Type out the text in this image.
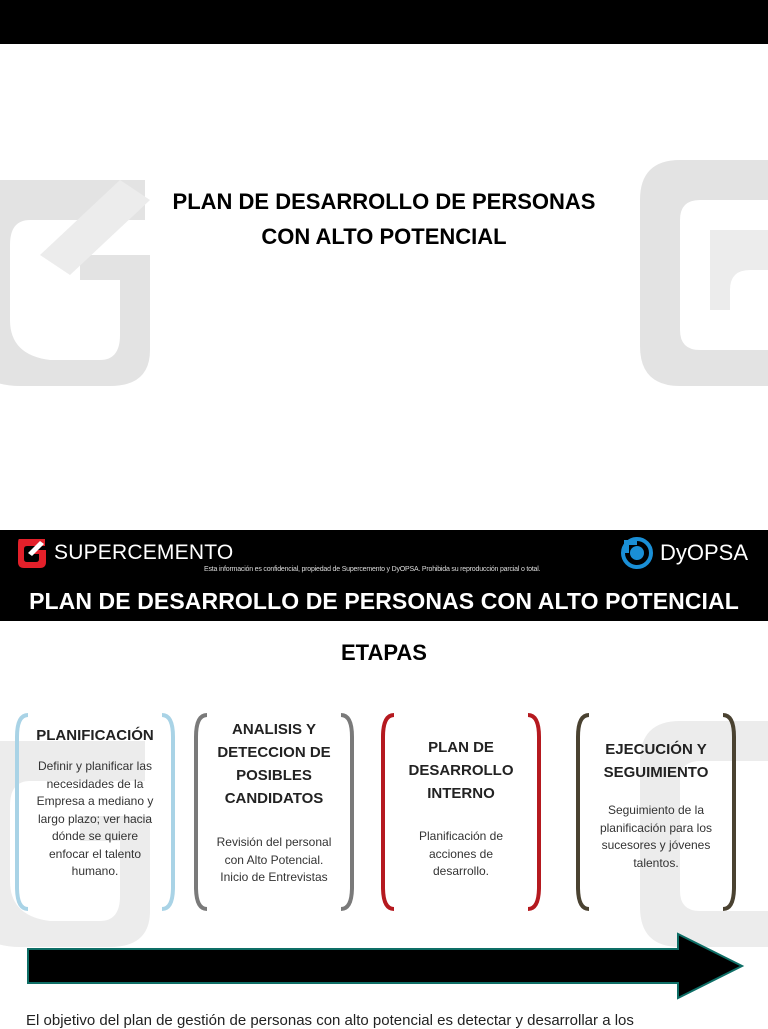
PLAN DE DESARROLLO DE PERSONAS
CON ALTO POTENCIAL
SUPERCEMENTO
Esta información es confidencial, propiedad de Supercemento y DyOPSA. Prohibida su reproducción parcial o total.
DyOPSA
PLAN DE DESARROLLO DE PERSONAS CON ALTO POTENCIAL
ETAPAS
PLANIFICACIÓN
Definir y planificar las necesidades de la Empresa a mediano y largo plazo; ver hacia dónde se quiere enfocar el talento humano.
ANALISIS Y DETECCION DE POSIBLES CANDIDATOS
Revisión del personal con Alto Potencial. Inicio de Entrevistas
PLAN DE DESARROLLO INTERNO
Planificación de acciones de desarrollo.
EJECUCIÓN Y SEGUIMIENTO
Seguimiento de la planificación para los sucesores y jóvenes talentos.
El objetivo del plan de gestión de personas con alto potencial es detectar y desarrollar a los
